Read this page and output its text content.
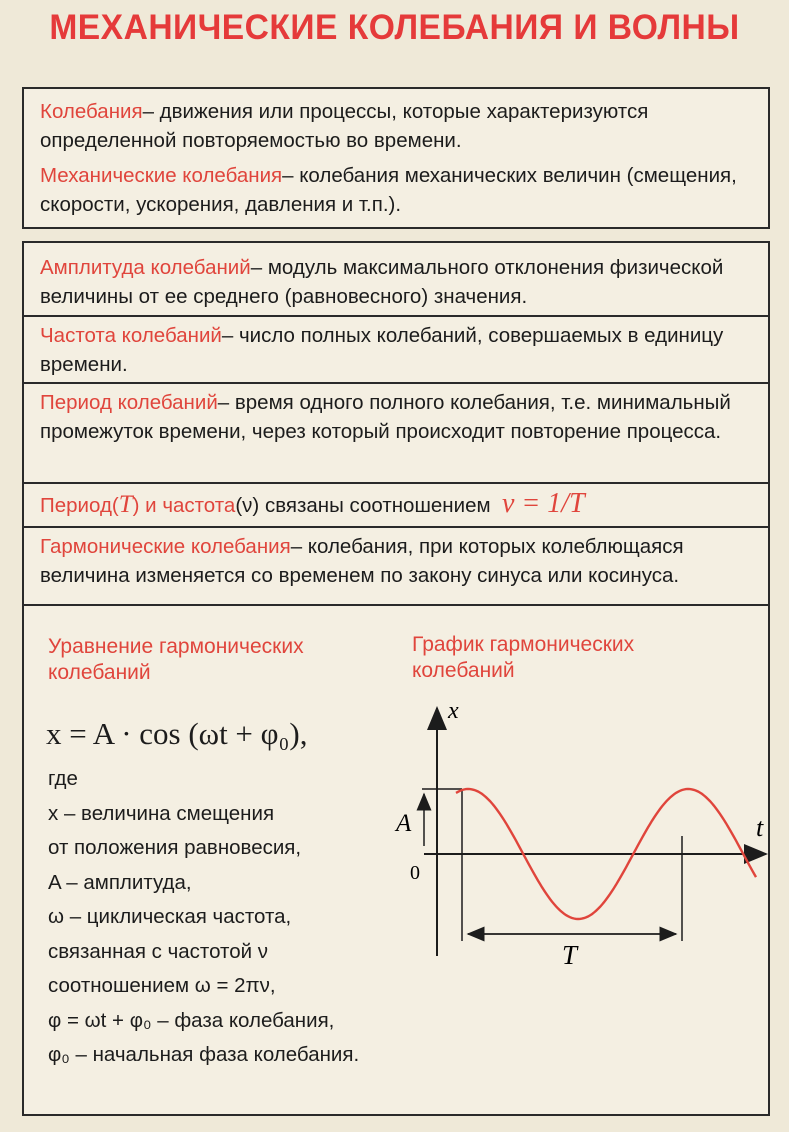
МЕХАНИЧЕСКИЕ КОЛЕБАНИЯ И ВОЛНЫ
Колебания– движения или процессы, которые характеризуются определенной повторяемостью во времени.
Механические колебания– колебания механических величин (смещения, скорости, ускорения, давления и т.п.).
Амплитуда колебаний– модуль максимального отклонения физической величины от ее среднего (равновесного) значения.
Частота колебаний– число полных колебаний, совершаемых в единицу времени.
Период колебаний– время одного полного колебания, т.е. минимальный промежуток времени, через который происходит повторение процесса.
Период(T) и частота(ν) связаны соотношением ν = 1/T
Гармонические колебания– колебания, при которых колеблющаяся величина изменяется со временем по закону синуса или косинуса.
Уравнение гармонических колебаний
График гармонических колебаний
x = A · cos (ωt + φ₀),
где
x – величина смещения
от положения равновесия,
A – амплитуда,
ω – циклическая частота,
связанная с частотой ν
соотношением ω = 2πν,
φ = ωt + φ₀ – фаза колебания,
φ₀ – начальная фаза колебания.
x
t
A
0
T
